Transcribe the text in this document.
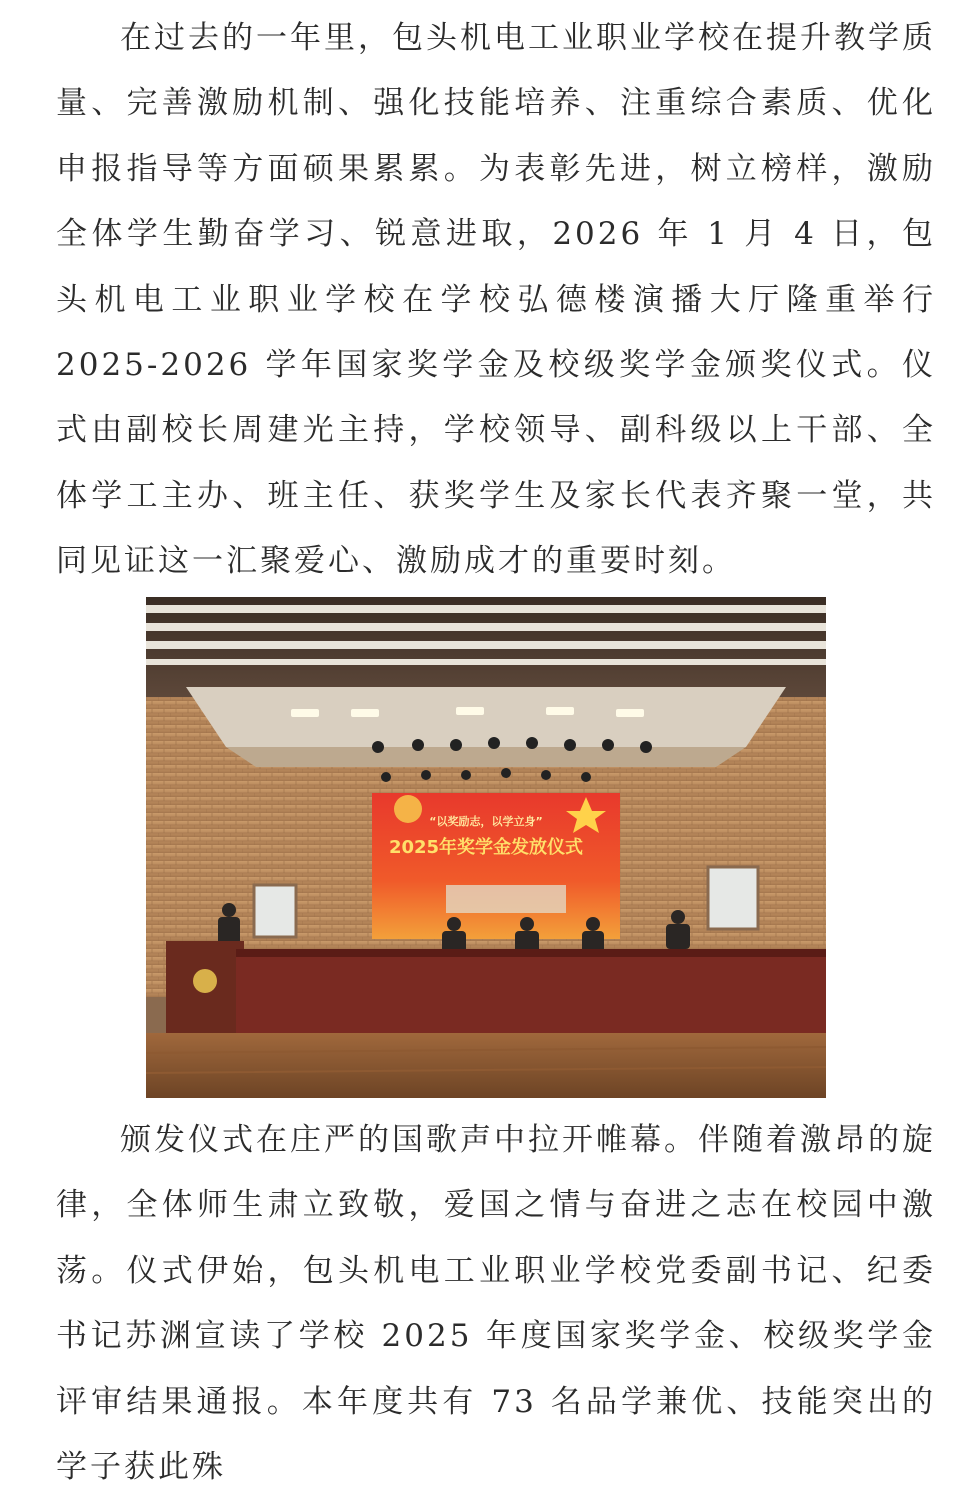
在过去的一年里，包头机电工业职业学校在提升教学质量、完善激励机制、强化技能培养、注重综合素质、优化申报指导等方面硕果累累。为表彰先进，树立榜样，激励全体学生勤奋学习、锐意进取，2026 年 1 月 4 日，包头机电工业职业学校在学校弘德楼演播大厅隆重举行 2025-2026 学年国家奖学金及校级奖学金颁奖仪式。仪式由副校长周建光主持，学校领导、副科级以上干部、全体学工主办、班主任、获奖学生及家长代表齐聚一堂，共同见证这一汇聚爱心、激励成才的重要时刻。

“以奖励志，以学立身”
2025年奖学金发放仪式

颁发仪式在庄严的国歌声中拉开帷幕。伴随着激昂的旋律，全体师生肃立致敬，爱国之情与奋进之志在校园中激荡。仪式伊始，包头机电工业职业学校党委副书记、纪委书记苏渊宣读了学校 2025 年度国家奖学金、校级奖学金评审结果通报。本年度共有 73 名品学兼优、技能突出的学子获此殊
